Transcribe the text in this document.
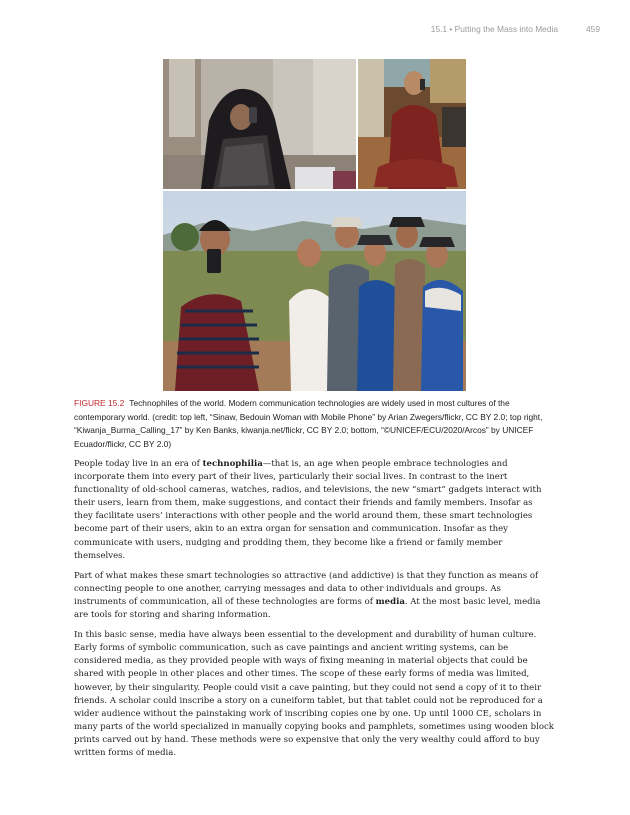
15.1 • Putting the Mass into Media	459
FIGURE 15.2 Technophiles of the world. Modern communication technologies are widely used in most cultures of the contemporary world. (credit: top left, “Sinaw, Bedouin Woman with Mobile Phone” by Arian Zwegers/flickr, CC BY 2.0; top right, “Kiwanja_Burma_Calling_17” by Ken Banks, kiwanja.net/flickr, CC BY 2.0; bottom, “©UNICEF/ECU/2020/Arcos” by UNICEF Ecuador/flickr, CC BY 2.0)

People today live in an era of technophilia—that is, an age when people embrace technologies and incorporate them into every part of their lives, particularly their social lives. In contrast to the inert functionality of old-school cameras, watches, radios, and televisions, the new “smart” gadgets interact with their users, learn from them, make suggestions, and contact their friends and family members. Insofar as they facilitate users’ interactions with other people and the world around them, these smart technologies become part of their users, akin to an extra organ for sensation and communication. Insofar as they communicate with users, nudging and prodding them, they become like a friend or family member themselves.

Part of what makes these smart technologies so attractive (and addictive) is that they function as means of connecting people to one another, carrying messages and data to other individuals and groups. As instruments of communication, all of these technologies are forms of media. At the most basic level, media are tools for storing and sharing information.

In this basic sense, media have always been essential to the development and durability of human culture. Early forms of symbolic communication, such as cave paintings and ancient writing systems, can be considered media, as they provided people with ways of fixing meaning in material objects that could be shared with people in other places and other times. The scope of these early forms of media was limited, however, by their singularity. People could visit a cave painting, but they could not send a copy of it to their friends. A scholar could inscribe a story on a cuneiform tablet, but that tablet could not be reproduced for a wider audience without the painstaking work of inscribing copies one by one. Up until 1000 CE, scholars in many parts of the world specialized in manually copying books and pamphlets, sometimes using wooden block prints carved out by hand. These methods were so expensive that only the very wealthy could afford to buy written forms of media.
